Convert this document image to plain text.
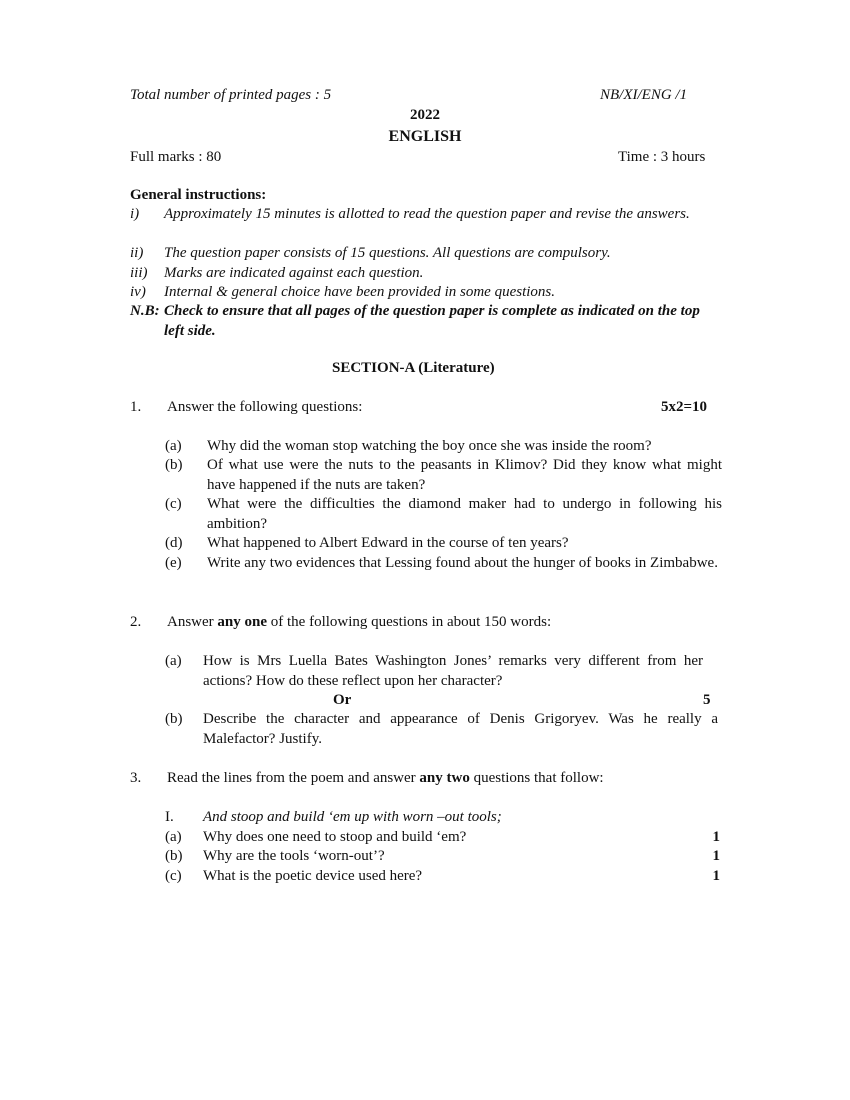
Total number of printed pages : 5	NB/XI/ENG /1
2022
ENGLISH
Full marks : 80	Time : 3 hours
General instructions:
i) Approximately 15 minutes is allotted to read the question paper and revise the answers.
ii) The question paper consists of 15 questions. All questions are compulsory.
iii) Marks are indicated against each question.
iv) Internal & general choice have been provided in some questions.
N.B: Check to ensure that all pages of the question paper is complete as indicated on the top left side.
SECTION-A (Literature)
1. Answer the following questions:	5x2=10
(a) Why did the woman stop watching the boy once she was inside the room?
(b) Of what use were the nuts to the peasants in Klimov? Did they know what might have happened if the nuts are taken?
(c) What were the difficulties the diamond maker had to undergo in following his ambition?
(d) What happened to Albert Edward in the course of ten years?
(e) Write any two evidences that Lessing found about the hunger of books in Zimbabwe.
2. Answer any one of the following questions in about 150 words:
(a) How is Mrs Luella Bates Washington Jones’ remarks very different from her actions? How do these reflect upon her character?
Or	5
(b) Describe the character and appearance of Denis Grigoryev. Was he really a Malefactor? Justify.
3. Read the lines from the poem and answer any two questions that follow:
I. And stoop and build ‘em up with worn –out tools;
(a) Why does one need to stoop and build ‘em?	1
(b) Why are the tools ‘worn-out’?	1
(c) What is the poetic device used here?	1
